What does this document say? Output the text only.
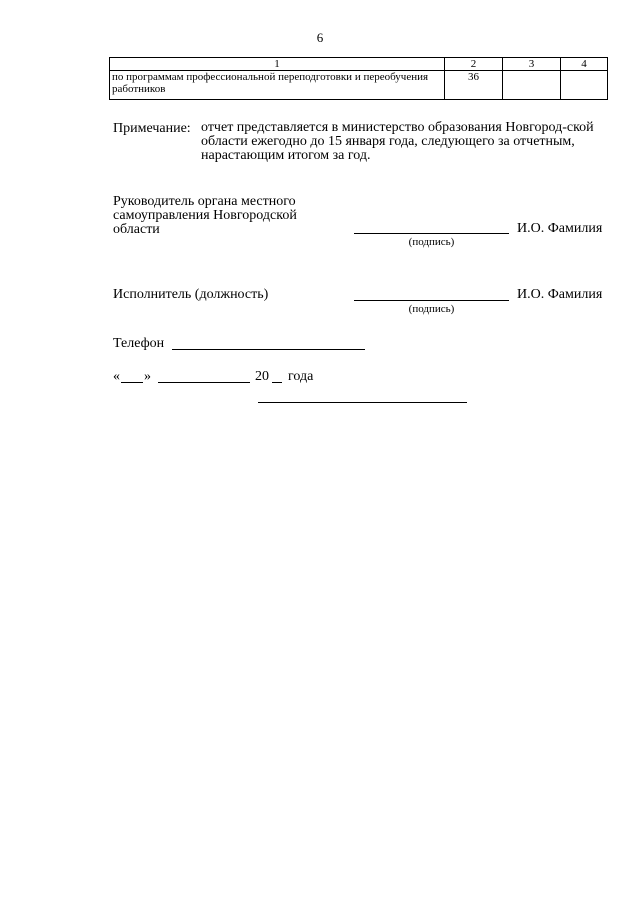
6
1	2	3	4
по программам профессиональной переподготовки и переобучения работников	36		
Примечание: отчет представляется в министерство образования Новгород-ской области ежегодно до 15 января года, следующего за отчетным, нарастающим итогом за год.
Руководитель органа местного самоуправления Новгородской области	И.О. Фамилия
(подпись)
Исполнитель (должность)	И.О. Фамилия
(подпись)
Телефон
« »	20 года
